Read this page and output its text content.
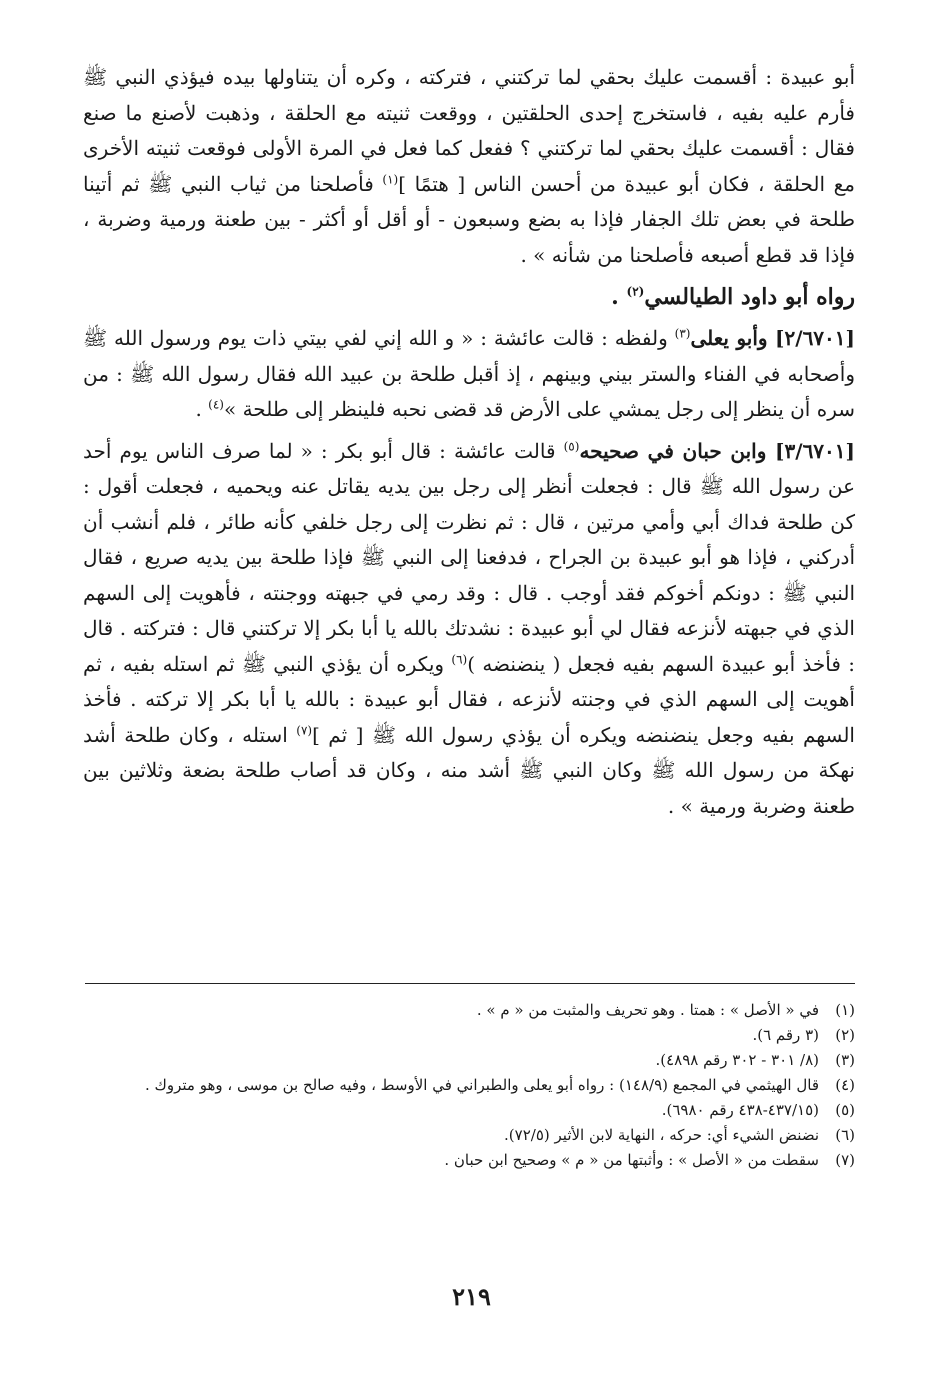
أبو عبيدة : أقسمت عليك بحقي لما تركتني ، فتركته ، وكره أن يتناولها بيده فيؤذي النبي ﷺ فأرم عليه بفيه ، فاستخرج إحدى الحلقتين ، ووقعت ثنيته مع الحلقة ، وذهبت لأصنع ما صنع فقال : أقسمت عليك بحقي لما تركتني ؟ ففعل كما فعل في المرة الأولى فوقعت ثنيته الأخرى مع الحلقة ، فكان أبو عبيدة من أحسن الناس [ هتمًا ]$^{(١)}$ فأصلحنا من ثياب النبي ﷺ ثم أتينا طلحة في بعض تلك الجفار فإذا به بضع وسبعون - أو أقل أو أكثر - بين طعنة ورمية وضربة ، فإذا قد قطع أصبعه فأصلحنا من شأنه » .

رواه أبو داود الطيالسي$^{(٢)}$ .

[٢/٦٧٠١] وأبو يعلى$^{(٣)}$ ولفظه : قالت عائشة : « و الله إني لفي بيتي ذات يوم ورسول الله ﷺ وأصحابه في الفناء والستر بيني وبينهم ، إذ أقبل طلحة بن عبيد الله فقال رسول الله ﷺ : من سره أن ينظر إلى رجل يمشي على الأرض قد قضى نحبه فلينظر إلى طلحة »$^{(٤)}$ .

[٣/٦٧٠١] وابن حبان في صحيحه$^{(٥)}$ قالت عائشة : قال أبو بكر : « لما صرف الناس يوم أحد عن رسول الله ﷺ قال : فجعلت أنظر إلى رجل بين يديه يقاتل عنه ويحميه ، فجعلت أقول : كن طلحة فداك أبي وأمي مرتين ، قال : ثم نظرت إلى رجل خلفي كأنه طائر ، فلم أنشب أن أدركني ، فإذا هو أبو عبيدة بن الجراح ، فدفعنا إلى النبي ﷺ فإذا طلحة بين يديه صريع ، فقال النبي ﷺ : دونكم أخوكم فقد أوجب . قال : وقد رمي في جبهته ووجنته ، فأهويت إلى السهم الذي في جبهته لأنزعه فقال لي أبو عبيدة : نشدتك بالله يا أبا بكر إلا تركتني قال : فتركته . قال : فأخذ أبو عبيدة السهم بفيه فجعل ( ينضنضه )$^{(٦)}$ ويكره أن يؤذي النبي ﷺ ثم استله بفيه ، ثم أهويت إلى السهم الذي في وجنته لأنزعه ، فقال أبو عبيدة : بالله يا أبا بكر إلا تركته . فأخذ السهم بفيه وجعل ينضنضه ويكره أن يؤذي رسول الله ﷺ [ ثم ]$^{(٧)}$ استله ، وكان طلحة أشد نهكة من رسول الله ﷺ وكان النبي ﷺ أشد منه ، وكان قد أصاب طلحة بضعة وثلاثين بين طعنة وضربة ورمية » .

(١)
في « الأصل » : همتا . وهو تحريف والمثبت من « م » .
(٢)
(٣ رقم ٦).
(٣)
(٨/ ٣٠١ - ٣٠٢ رقم ٤٨٩٨).
(٤)
قال الهيثمي في المجمع (١٤٨/٩) : رواه أبو يعلى والطبراني في الأوسط ، وفيه صالح بن موسى ، وهو متروك .
(٥)
(٤٣٧/١٥-٤٣٨ رقم ٦٩٨٠).
(٦)
نضنض الشيء أي: حركه ، النهاية لابن الأثير (٧٢/٥).
(٧)
سقطت من « الأصل » : وأثبتها من « م » وصحيح ابن حبان .
٢١٩
